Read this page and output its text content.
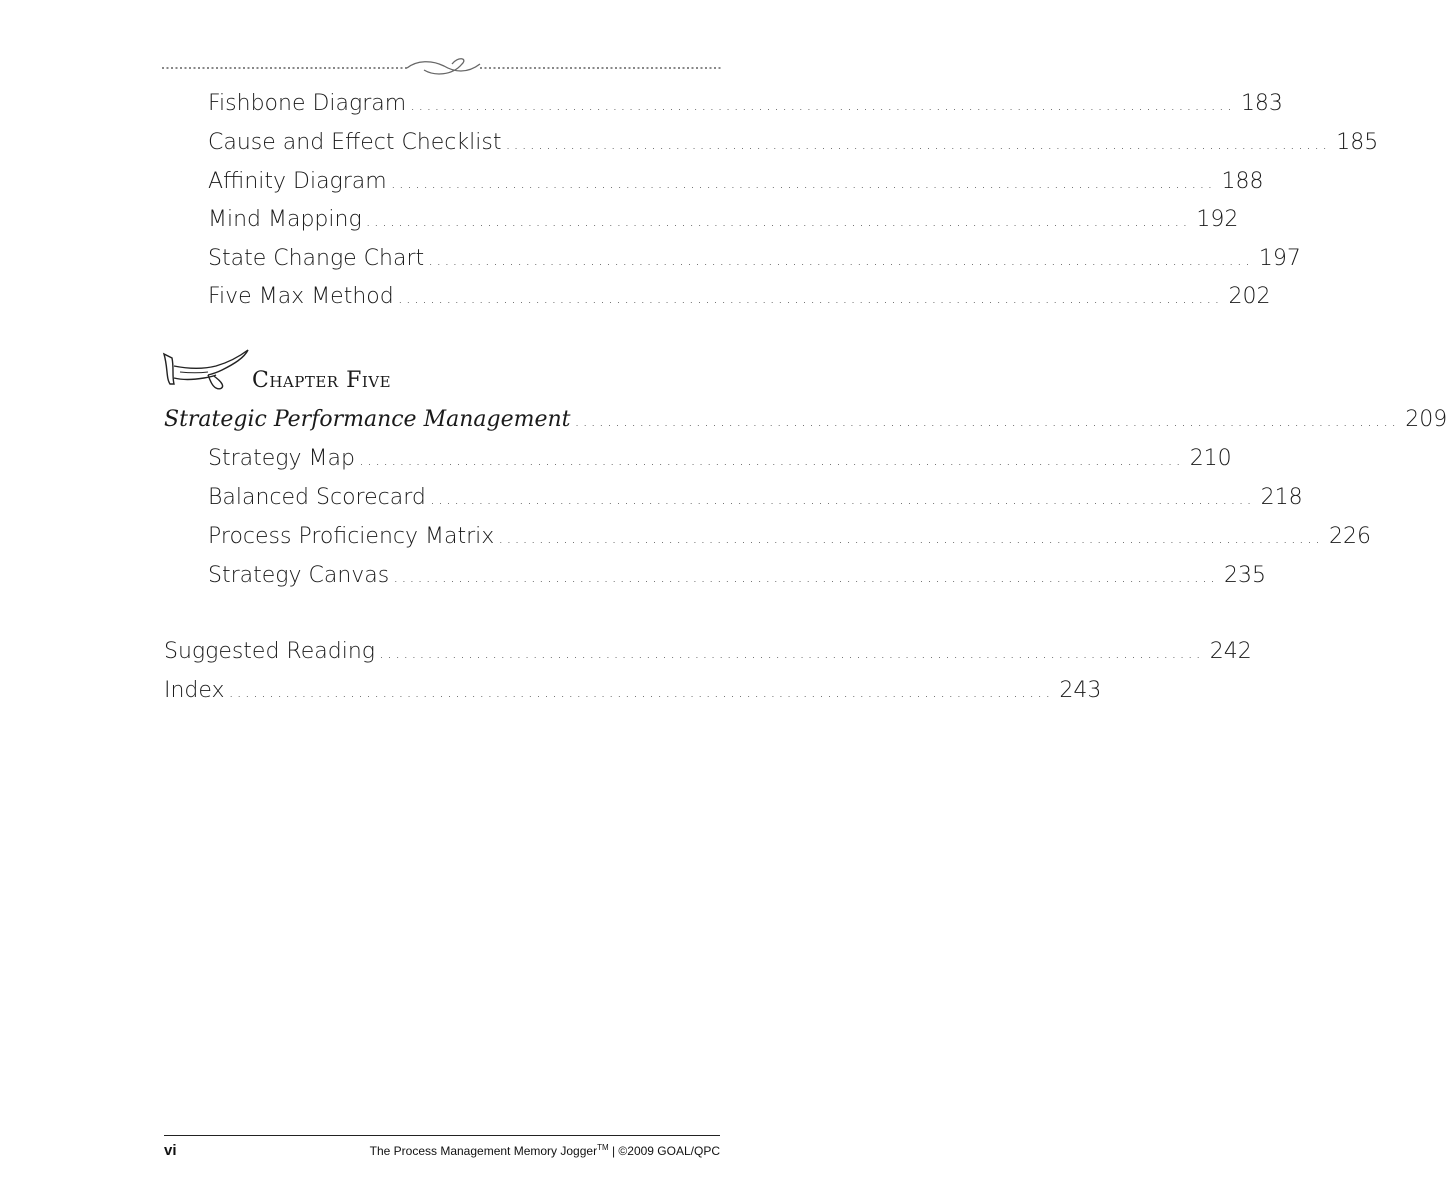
Fishbone Diagram ...................................................................................................... 183
Cause and Effect Checklist ...................................................................................................... 185
Affinity Diagram ...................................................................................................... 188
Mind Mapping ...................................................................................................... 192
State Change Chart ...................................................................................................... 197
Five Max Method ...................................................................................................... 202
Chapter Five
Strategic Performance Management ...................................................................................................... 209
Strategy Map ...................................................................................................... 210
Balanced Scorecard ...................................................................................................... 218
Process Proficiency Matrix ...................................................................................................... 226
Strategy Canvas ...................................................................................................... 235
Suggested Reading ...................................................................................................... 242
Index ...................................................................................................... 243
vi	The Process Management Memory Jogger™ | ©2009 GOAL/QPC
